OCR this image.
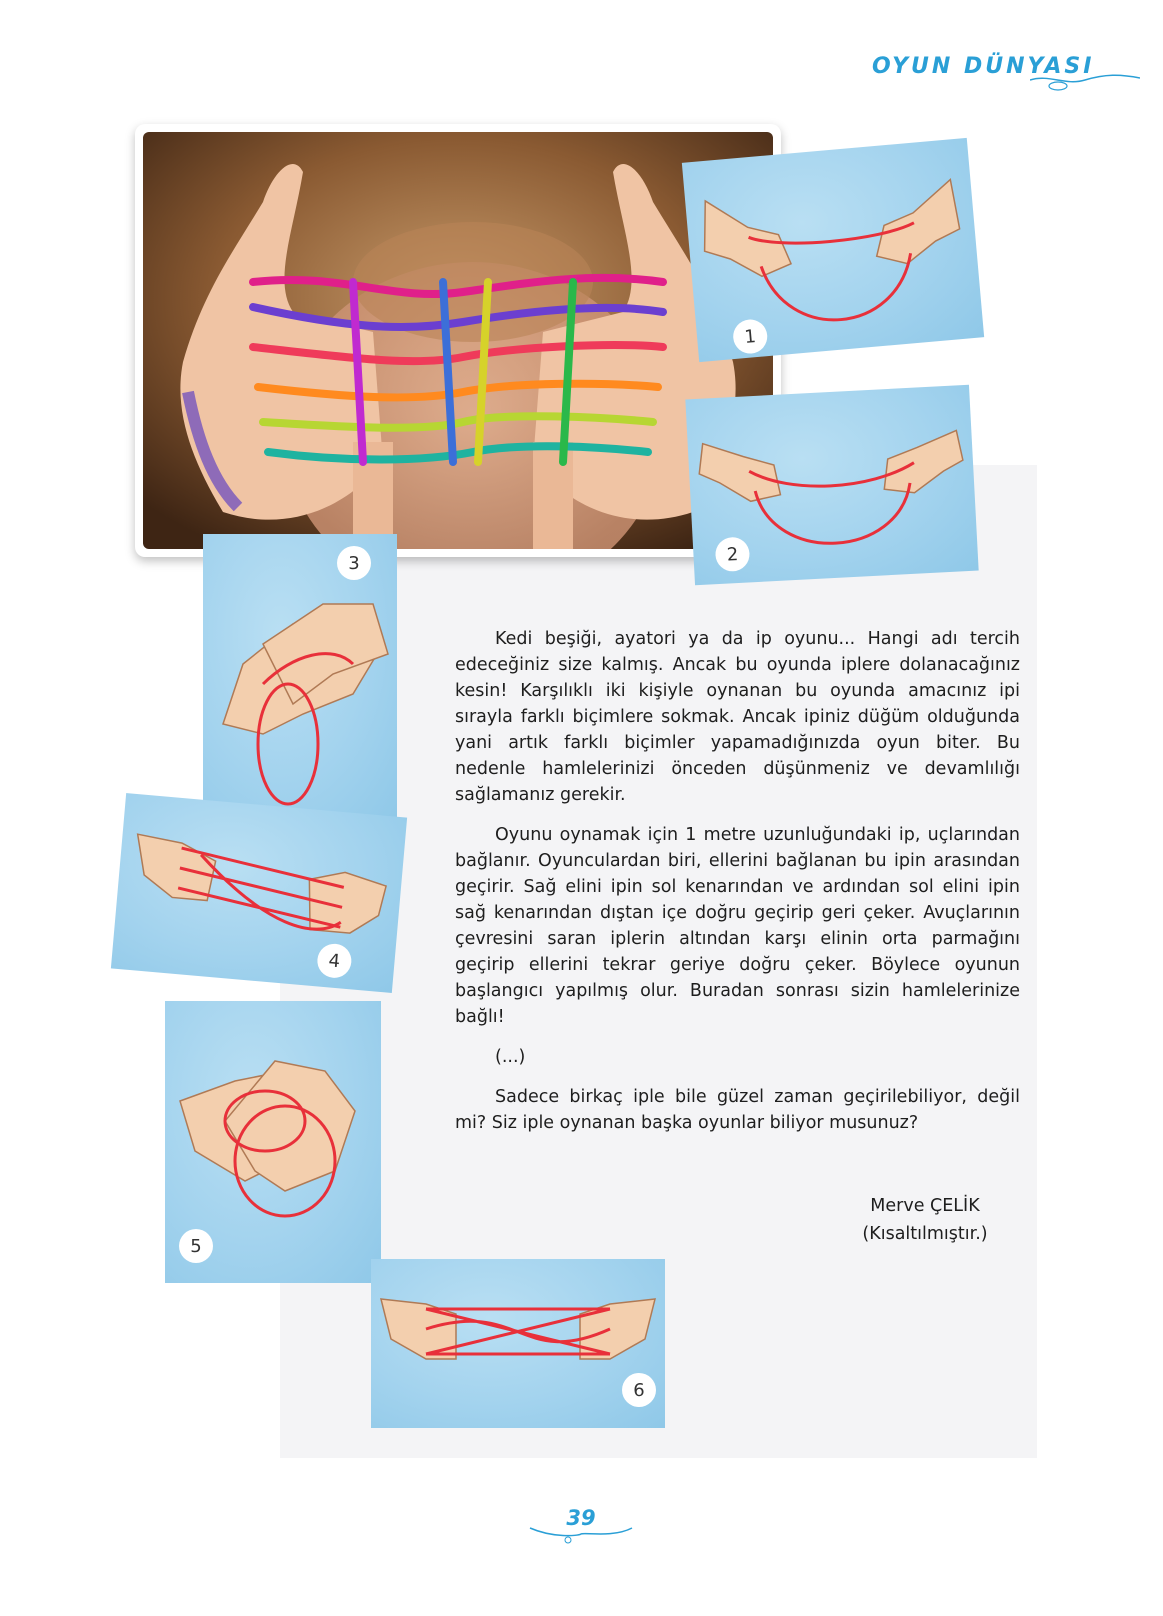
OYUN DÜNYASI
1
2
3
4
5
6

Kedi beşiği, ayatori ya da ip oyunu... Hangi adı tercih edeceğiniz size kalmış. Ancak bu oyunda iplere dolanacağınız kesin! Karşılıklı iki kişiyle oynanan bu oyunda amacınız ipi sırayla farklı biçimlere sokmak. Ancak ipiniz düğüm olduğunda yani artık farklı biçimler yapamadığınızda oyun biter. Bu nedenle hamlelerinizi önceden düşünmeniz ve devamlılığı sağlamanız gerekir.

Oyunu oynamak için 1 metre uzunluğundaki ip, uçlarından bağlanır. Oyunculardan biri, ellerini bağlanan bu ipin arasından geçirir. Sağ elini ipin sol kenarından ve ardından sol elini ipin sağ kenarından dıştan içe doğru geçirip geri çeker. Avuçlarının çevresini saran iplerin altından karşı elinin orta parmağını geçirip ellerini tekrar geriye doğru çeker. Böylece oyunun başlangıcı yapılmış olur. Buradan sonrası sizin hamlelerinize bağlı!

(...)

Sadece birkaç iple bile güzel zaman geçirilebiliyor, değil mi? Siz iple oynanan başka oyunlar biliyor musunuz?

Merve ÇELİK
(Kısaltılmıştır.)
39
